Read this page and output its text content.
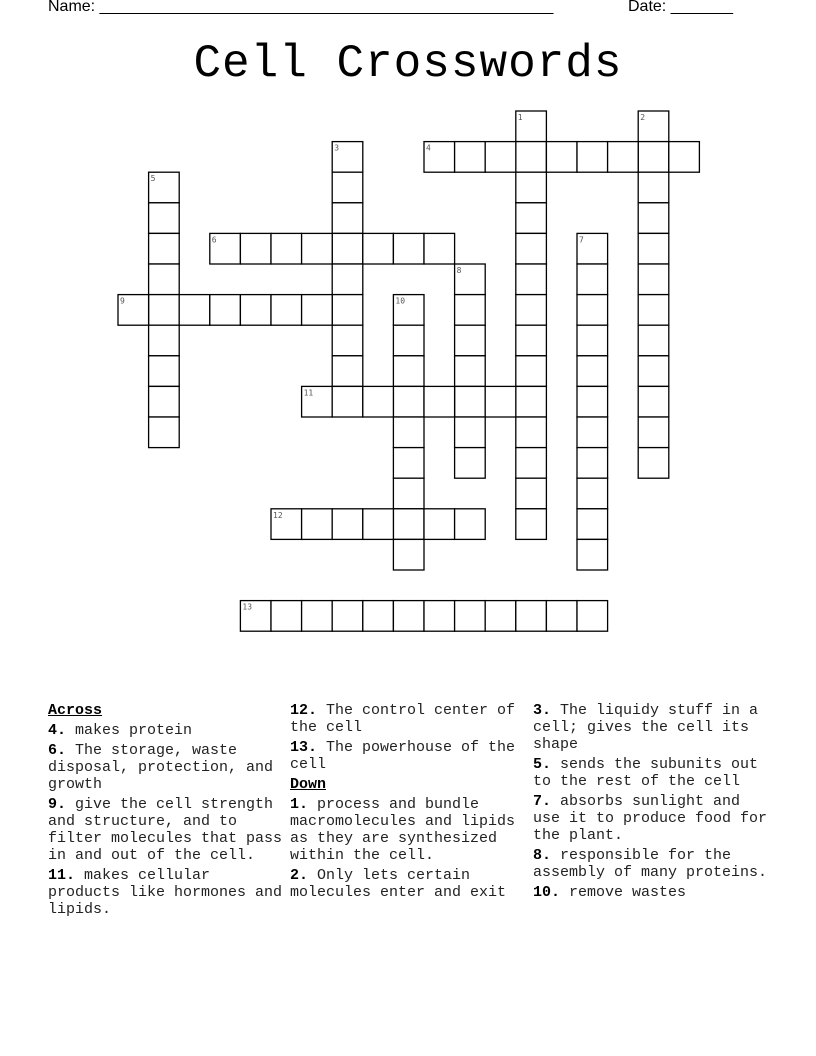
Name: ___________________________________________________	Date: _______
Cell Crosswords
1	2
3	4
5
6	7
8
9	10
11
12
13
Across
4. makes protein
6. The storage, waste disposal, protection, and growth
9. give the cell strength and structure, and to filter molecules that pass in and out of the cell.
11. makes cellular products like hormones and lipids.
12. The control center of the cell
13. The powerhouse of the cell
Down
1. process and bundle macromolecules and lipids as they are synthesized within the cell.
2. Only lets certain molecules enter and exit
3. The liquidy stuff in a cell; gives the cell its shape
5. sends the subunits out to the rest of the cell
7. absorbs sunlight and use it to produce food for the plant.
8. responsible for the assembly of many proteins.
10. remove wastes
